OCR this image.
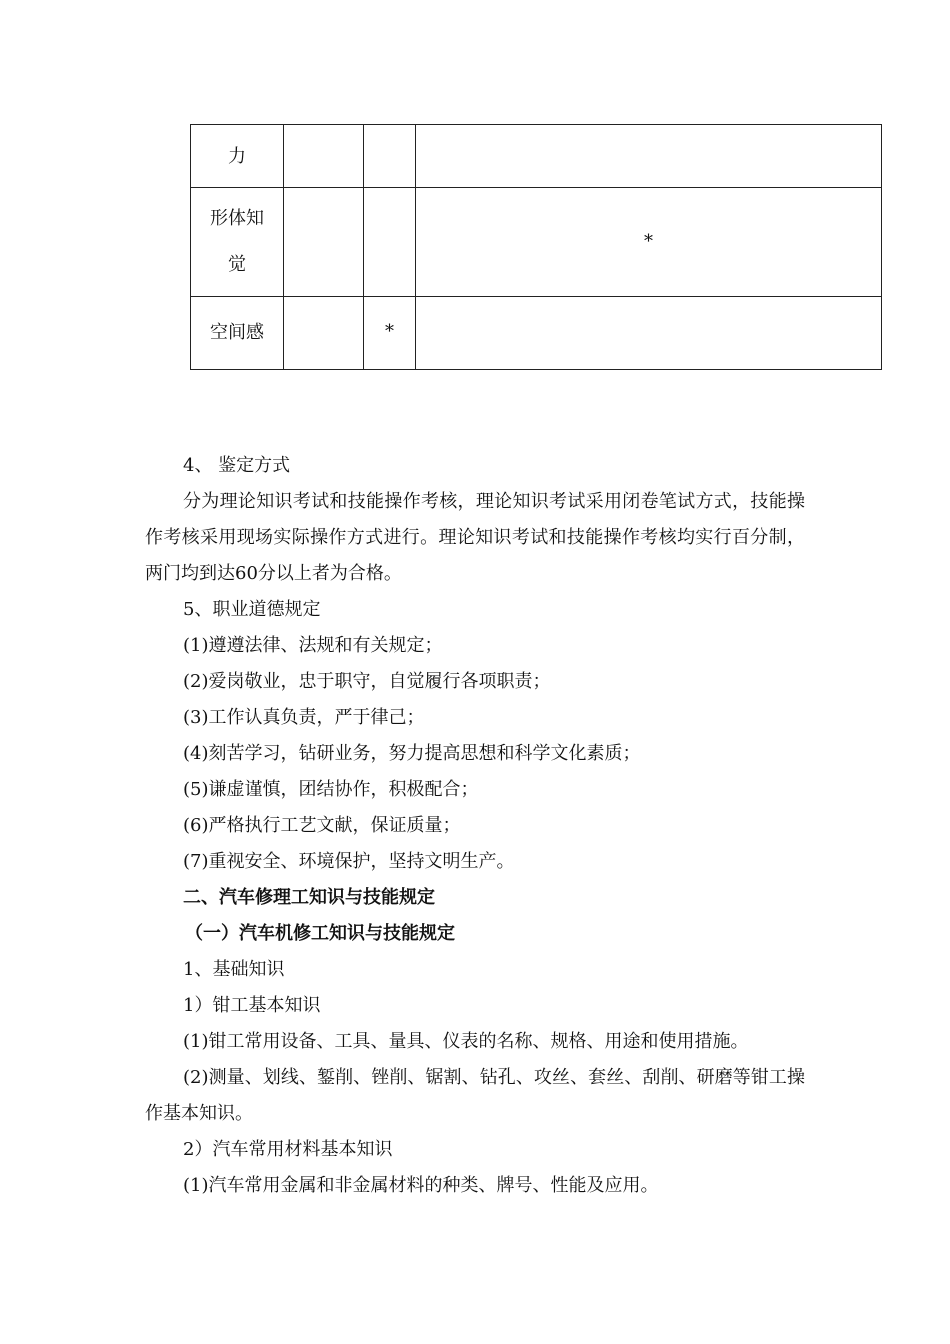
力			

形体知觉			*

空间感		*	
4、 鉴定方式
分为理论知识考试和技能操作考核，理论知识考试采用闭卷笔试方式，技能操作考核采用现场实际操作方式进行。理论知识考试和技能操作考核均实行百分制，两门均到达60分以上者为合格。
5、职业道德规定
(1)遵遵法律、法规和有关规定；
(2)爱岗敬业，忠于职守，自觉履行各项职责；
(3)工作认真负责，严于律己；
(4)刻苦学习，钻研业务，努力提高思想和科学文化素质；
(5)谦虚谨慎，团结协作，积极配合；
(6)严格执行工艺文献，保证质量；
(7)重视安全、环境保护，坚持文明生产。
二、汽车修理工知识与技能规定
（一）汽车机修工知识与技能规定
1、基础知识
1）钳工基本知识
(1)钳工常用设备、工具、量具、仪表的名称、规格、用途和使用措施。
(2)测量、划线、錾削、锉削、锯割、钻孔、攻丝、套丝、刮削、研磨等钳工操作基本知识。
2）汽车常用材料基本知识
(1)汽车常用金属和非金属材料的种类、牌号、性能及应用。
